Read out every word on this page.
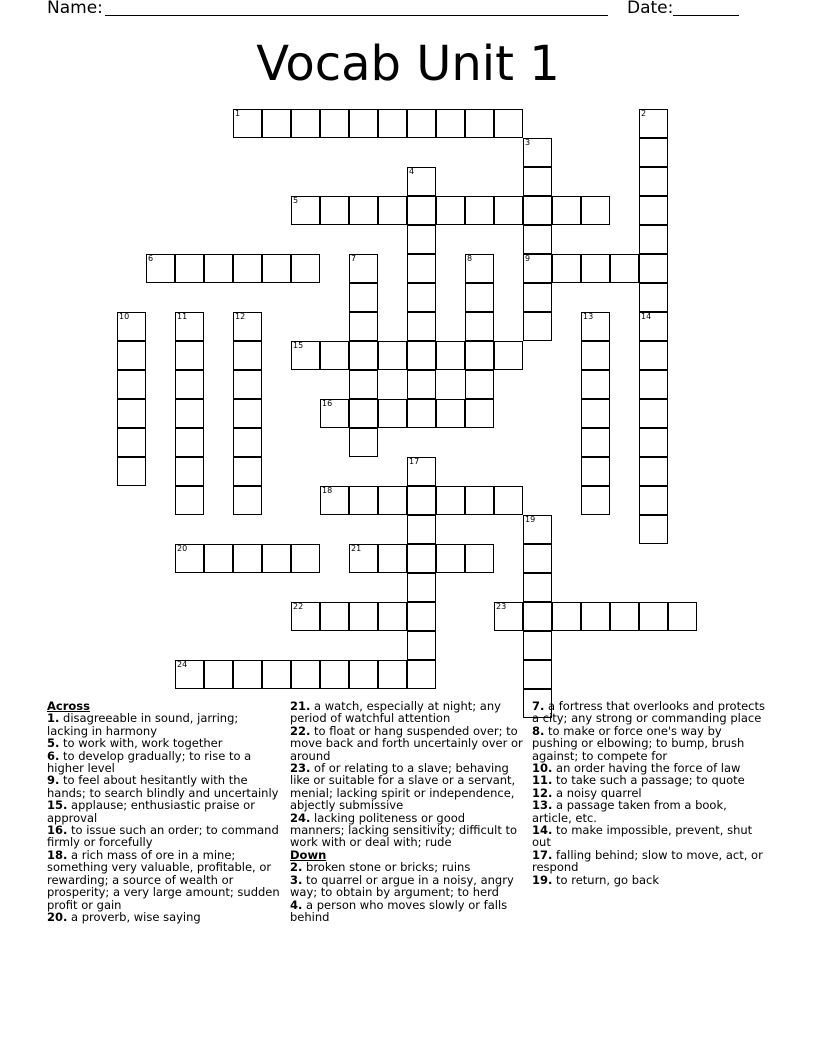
Name:	Date:
Vocab Unit 1
1	2
14
3
9
4
5
6	7	8
10	11	12	13
15
16
17
18
19
20	21
22	23
24
Across
1. disagreeable in sound, jarring; lacking in harmony
5. to work with, work together
6. to develop gradually; to rise to a higher level
9. to feel about hesitantly with the hands; to search blindly and uncertainly
15. applause; enthusiastic praise or approval
16. to issue such an order; to command firmly or forcefully
18. a rich mass of ore in a mine; something very valuable, profitable, or rewarding; a source of wealth or prosperity; a very large amount; sudden profit or gain
20. a proverb, wise saying
21. a watch, especially at night; any period of watchful attention
22. to float or hang suspended over; to move back and forth uncertainly over or around
23. of or relating to a slave; behaving like or suitable for a slave or a servant, menial; lacking spirit or independence, abjectly submissive
24. lacking politeness or good manners; lacking sensitivity; difficult to work with or deal with; rude
Down
2. broken stone or bricks; ruins
3. to quarrel or argue in a noisy, angry way; to obtain by argument; to herd
4. a person who moves slowly or falls behind
7. a fortress that overlooks and protects a city; any strong or commanding place
8. to make or force one's way by pushing or elbowing; to bump, brush against; to compete for
10. an order having the force of law
11. to take such a passage; to quote
12. a noisy quarrel
13. a passage taken from a book, article, etc.
14. to make impossible, prevent, shut out
17. falling behind; slow to move, act, or respond
19. to return, go back
